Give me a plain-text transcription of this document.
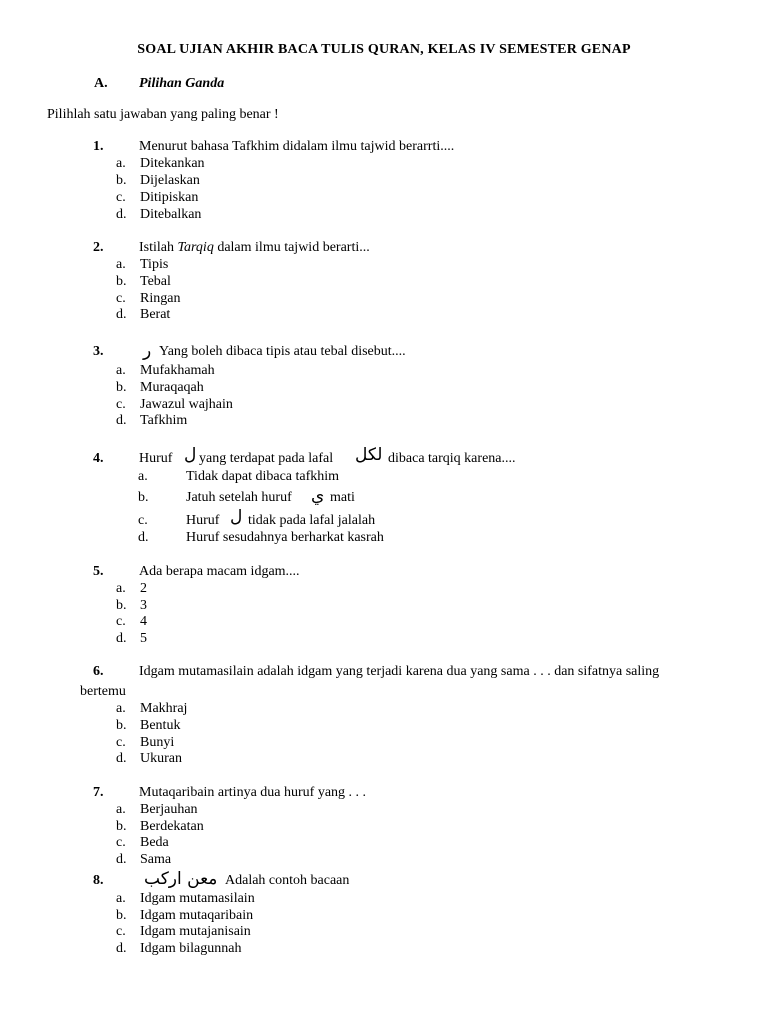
SOAL UJIAN AKHIR BACA TULIS QURAN, KELAS IV SEMESTER GENAP
A. Pilihan Ganda
Pilihlah satu jawaban yang paling benar !
1.	Menurut bahasa Tafkhim didalam ilmu tajwid berarrti....
a. Ditekankan
b. Dijelaskan
c. Ditipiskan
d. Ditebalkan
2.	Istilah Tarqiq dalam ilmu tajwid berarti...
a. Tipis
b. Tebal
c. Ringan
d. Berat
3. ر Yang boleh dibaca tipis atau tebal disebut....
a. Mufakhamah
b. Muraqaqah
c. Jawazul wajhain
d. Tafkhim
4.	Huruf ل yang terdapat pada lafal لكل dibaca tarqiq karena....
a.	Tidak dapat dibaca tafkhim
b.	Jatuh setelah huruf ي mati
c.	Huruf ل tidak pada lafal jalalah
d.	Huruf sesudahnya berharkat kasrah
5.	Ada berapa macam idgam....
a. 2
b. 3
c. 4
d. 5
6.	Idgam mutamasilain adalah idgam yang terjadi karena dua yang sama . . . dan sifatnya saling
bertemu
a. Makhraj
b. Bentuk
c. Bunyi
d. Ukuran
7.	Mutaqaribain artinya dua huruf yang . . .
a. Berjauhan
b. Berdekatan
c. Beda
d. Sama
8. معن اركب Adalah contoh bacaan
a. Idgam mutamasilain
b. Idgam mutaqaribain
c. Idgam mutajanisain
d. Idgam bilagunnah
